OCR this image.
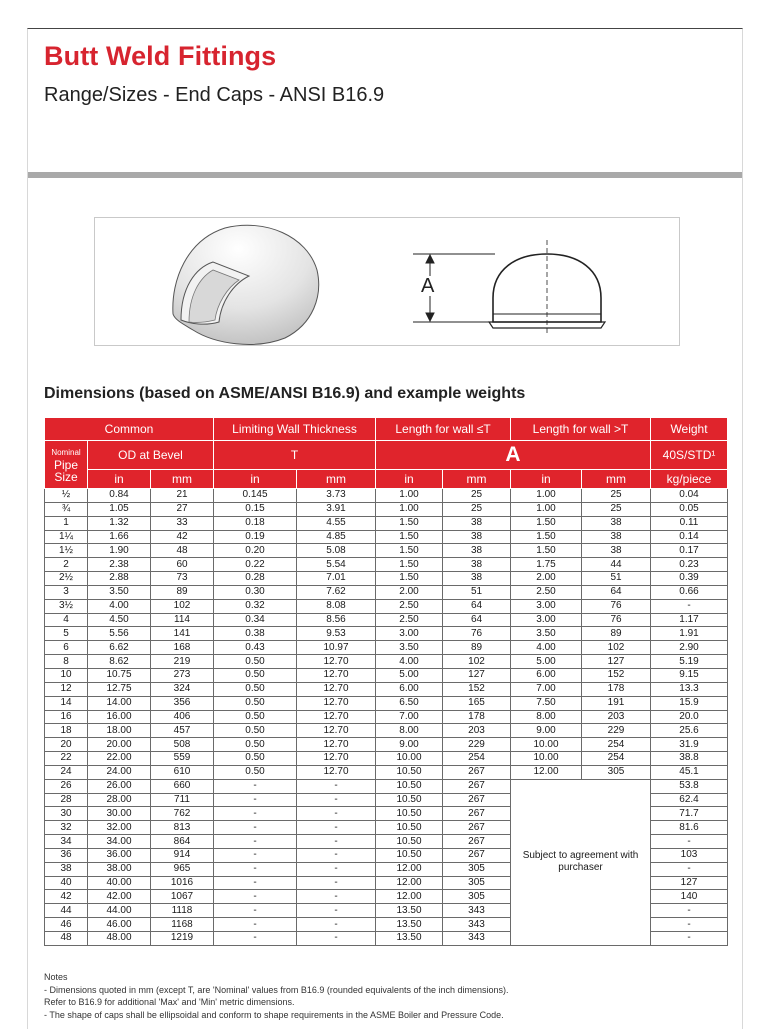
Butt Weld Fittings
Range/Sizes - End Caps - ANSI B16.9
A
Dimensions (based on ASME/ANSI B16.9) and example weights
Common			Limiting Wall Thickness		Length for wall ≤T		Length for wall >T		Weight

Nominal
Pipe
Size	OD at Bevel		T		A				40S/STD¹
	in	mm	in	mm	in	mm	in	mm	kg/piece
½	0.84	21	0.145	3.73	1.00	25	1.00	25	0.04
¾	1.05	27	0.15	3.91	1.00	25	1.00	25	0.05
1	1.32	33	0.18	4.55	1.50	38	1.50	38	0.11
1¼	1.66	42	0.19	4.85	1.50	38	1.50	38	0.14
1½	1.90	48	0.20	5.08	1.50	38	1.50	38	0.17
2	2.38	60	0.22	5.54	1.50	38	1.75	44	0.23
2½	2.88	73	0.28	7.01	1.50	38	2.00	51	0.39
3	3.50	89	0.30	7.62	2.00	51	2.50	64	0.66
3½	4.00	102	0.32	8.08	2.50	64	3.00	76	-
4	4.50	114	0.34	8.56	2.50	64	3.00	76	1.17
5	5.56	141	0.38	9.53	3.00	76	3.50	89	1.91
6	6.62	168	0.43	10.97	3.50	89	4.00	102	2.90
8	8.62	219	0.50	12.70	4.00	102	5.00	127	5.19
10	10.75	273	0.50	12.70	5.00	127	6.00	152	9.15
12	12.75	324	0.50	12.70	6.00	152	7.00	178	13.3
14	14.00	356	0.50	12.70	6.50	165	7.50	191	15.9
16	16.00	406	0.50	12.70	7.00	178	8.00	203	20.0
18	18.00	457	0.50	12.70	8.00	203	9.00	229	25.6
20	20.00	508	0.50	12.70	9.00	229	10.00	254	31.9
22	22.00	559	0.50	12.70	10.00	254	10.00	254	38.8
24	24.00	610	0.50	12.70	10.50	267	12.00	305	45.1
26	26.00	660	-	-	10.50	267	Subject to agreement with purchaser		53.8
28	28.00	711	-	-	10.50	267			62.4
30	30.00	762	-	-	10.50	267			71.7
32	32.00	813	-	-	10.50	267			81.6
34	34.00	864	-	-	10.50	267			-
36	36.00	914	-	-	10.50	267			103
38	38.00	965	-	-	12.00	305			-
40	40.00	1016	-	-	12.00	305			127
42	42.00	1067	-	-	12.00	305			140
44	44.00	1118	-	-	13.50	343			-
46	46.00	1168	-	-	13.50	343			-
48	48.00	1219	-	-	13.50	343			-
Notes
- Dimensions quoted in mm (except T, are 'Nominal' values from B16.9 (rounded equivalents of the inch dimensions).
Refer to B16.9 for additional 'Max' and 'Min' metric dimensions.
- The shape of caps shall be ellipsoidal and conform to shape requirements in the ASME Boiler and Pressure Code.
